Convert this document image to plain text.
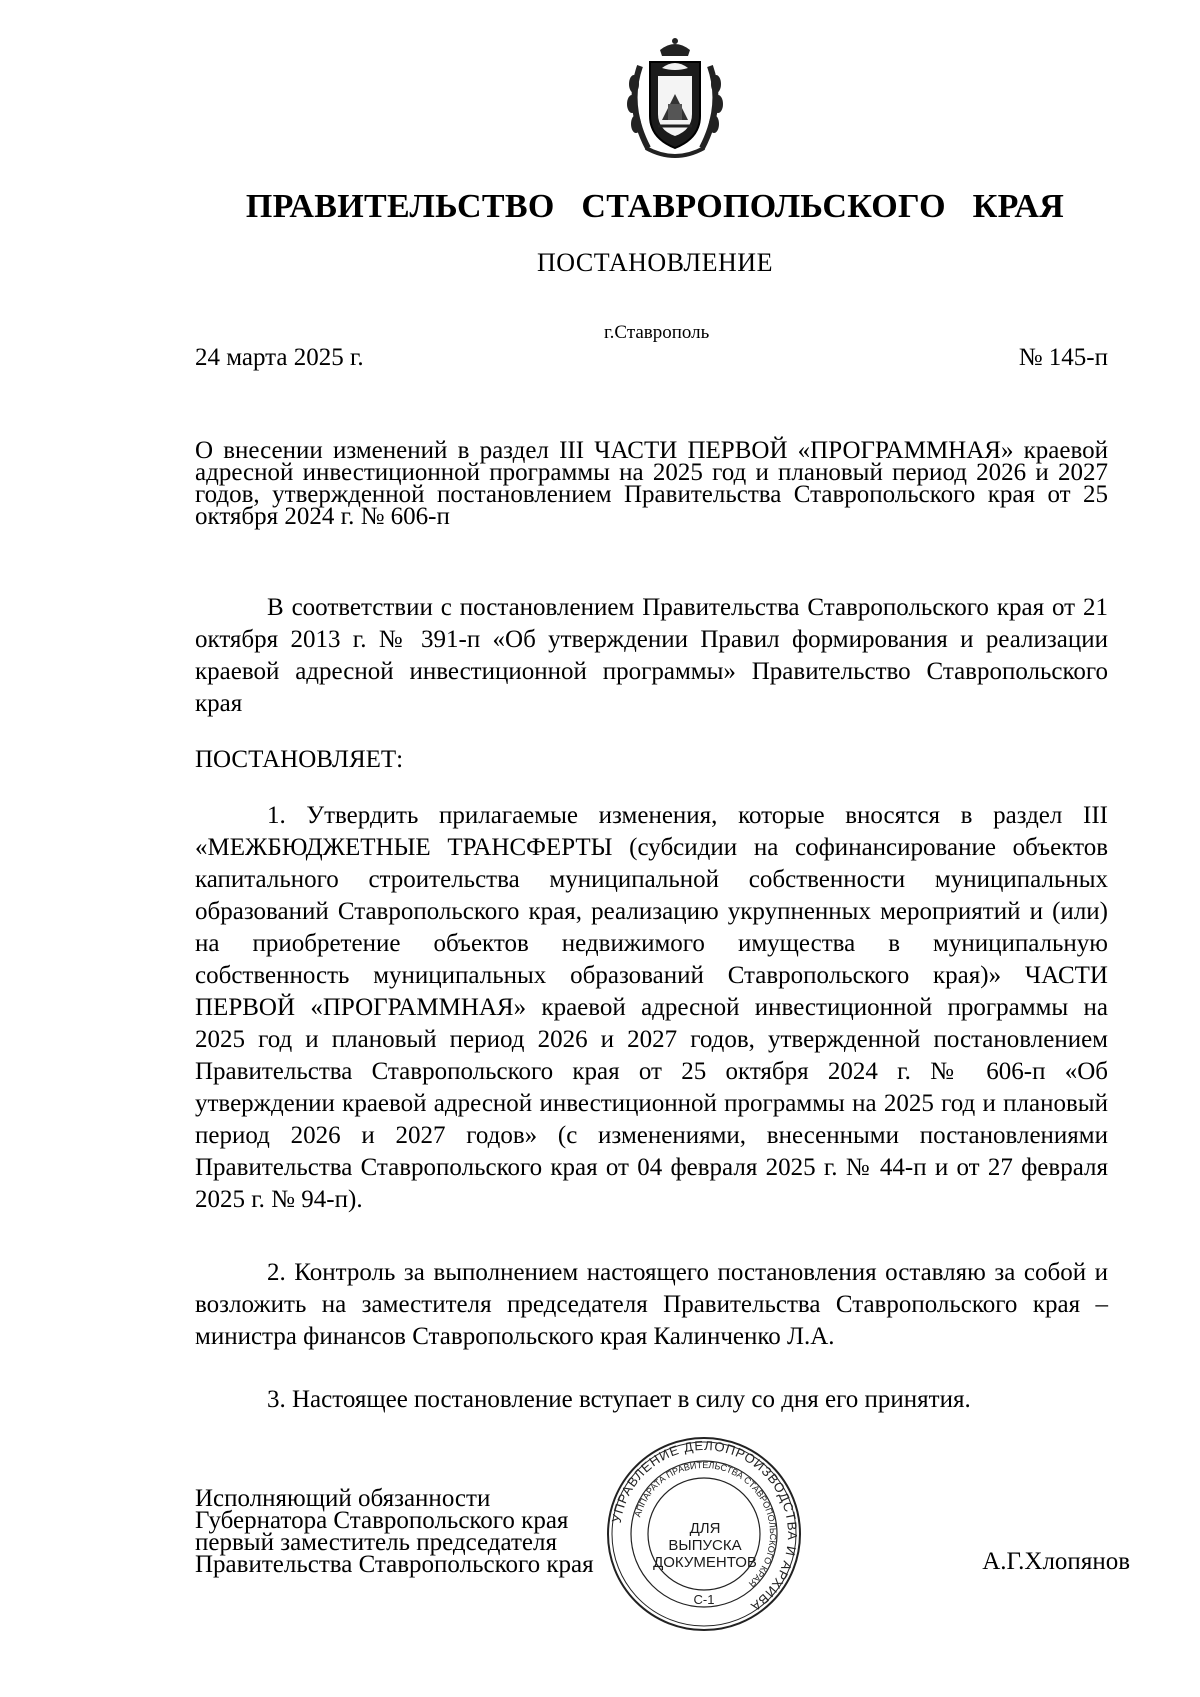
ПРАВИТЕЛЬСТВО СТАВРОПОЛЬСКОГО КРАЯ
ПОСТАНОВЛЕНИЕ
г.Ставрополь
24 марта 2025 г.	№ 145-п
О внесении изменений в раздел III ЧАСТИ ПЕРВОЙ «ПРОГРАММНАЯ» краевой адресной инвестиционной программы на 2025 год и плановый период 2026 и 2027 годов, утвержденной постановлением Правительства Ставропольского края от 25 октября 2024 г. № 606-п
В соответствии с постановлением Правительства Ставропольского края от 21 октября 2013 г. № 391-п «Об утверждении Правил формирования и реализации краевой адресной инвестиционной программы» Правительство Ставропольского края
ПОСТАНОВЛЯЕТ:
1. Утвердить прилагаемые изменения, которые вносятся в раздел III «МЕЖБЮДЖЕТНЫЕ ТРАНСФЕРТЫ (субсидии на софинансирование объектов капитального строительства муниципальной собственности муниципальных образований Ставропольского края, реализацию укрупненных мероприятий и (или) на приобретение объектов недвижимого имущества в муниципальную собственность муниципальных образований Ставропольского края)» ЧАСТИ ПЕРВОЙ «ПРОГРАММНАЯ» краевой адресной инвестиционной программы на 2025 год и плановый период 2026 и 2027 годов, утвержденной постановлением Правительства Ставропольского края от 25 октября 2024 г. № 606-п «Об утверждении краевой адресной инвестиционной программы на 2025 год и плановый период 2026 и 2027 годов» (с изменениями, внесенными постановлениями Правительства Ставропольского края от 04 февраля 2025 г. № 44-п и от 27 февраля 2025 г. № 94-п).
2. Контроль за выполнением настоящего постановления оставляю за собой и возложить на заместителя председателя Правительства Ставропольского края – министра финансов Ставропольского края Калинченко Л.А.
3. Настоящее постановление вступает в силу со дня его принятия.
Исполняющий обязанности
Губернатора Ставропольского края
первый заместитель председателя
Правительства Ставропольского края	А.Г.Хлопянов
УПРАВЛЕНИЕ ДЕЛОПРОИЗВОДСТВА И АРХИВА
АППАРАТА ПРАВИТЕЛЬСТВА СТАВРОПОЛЬСКОГО КРАЯ
С-1
ДЛЯ
ВЫПУСКА
ДОКУМЕНТОВ
